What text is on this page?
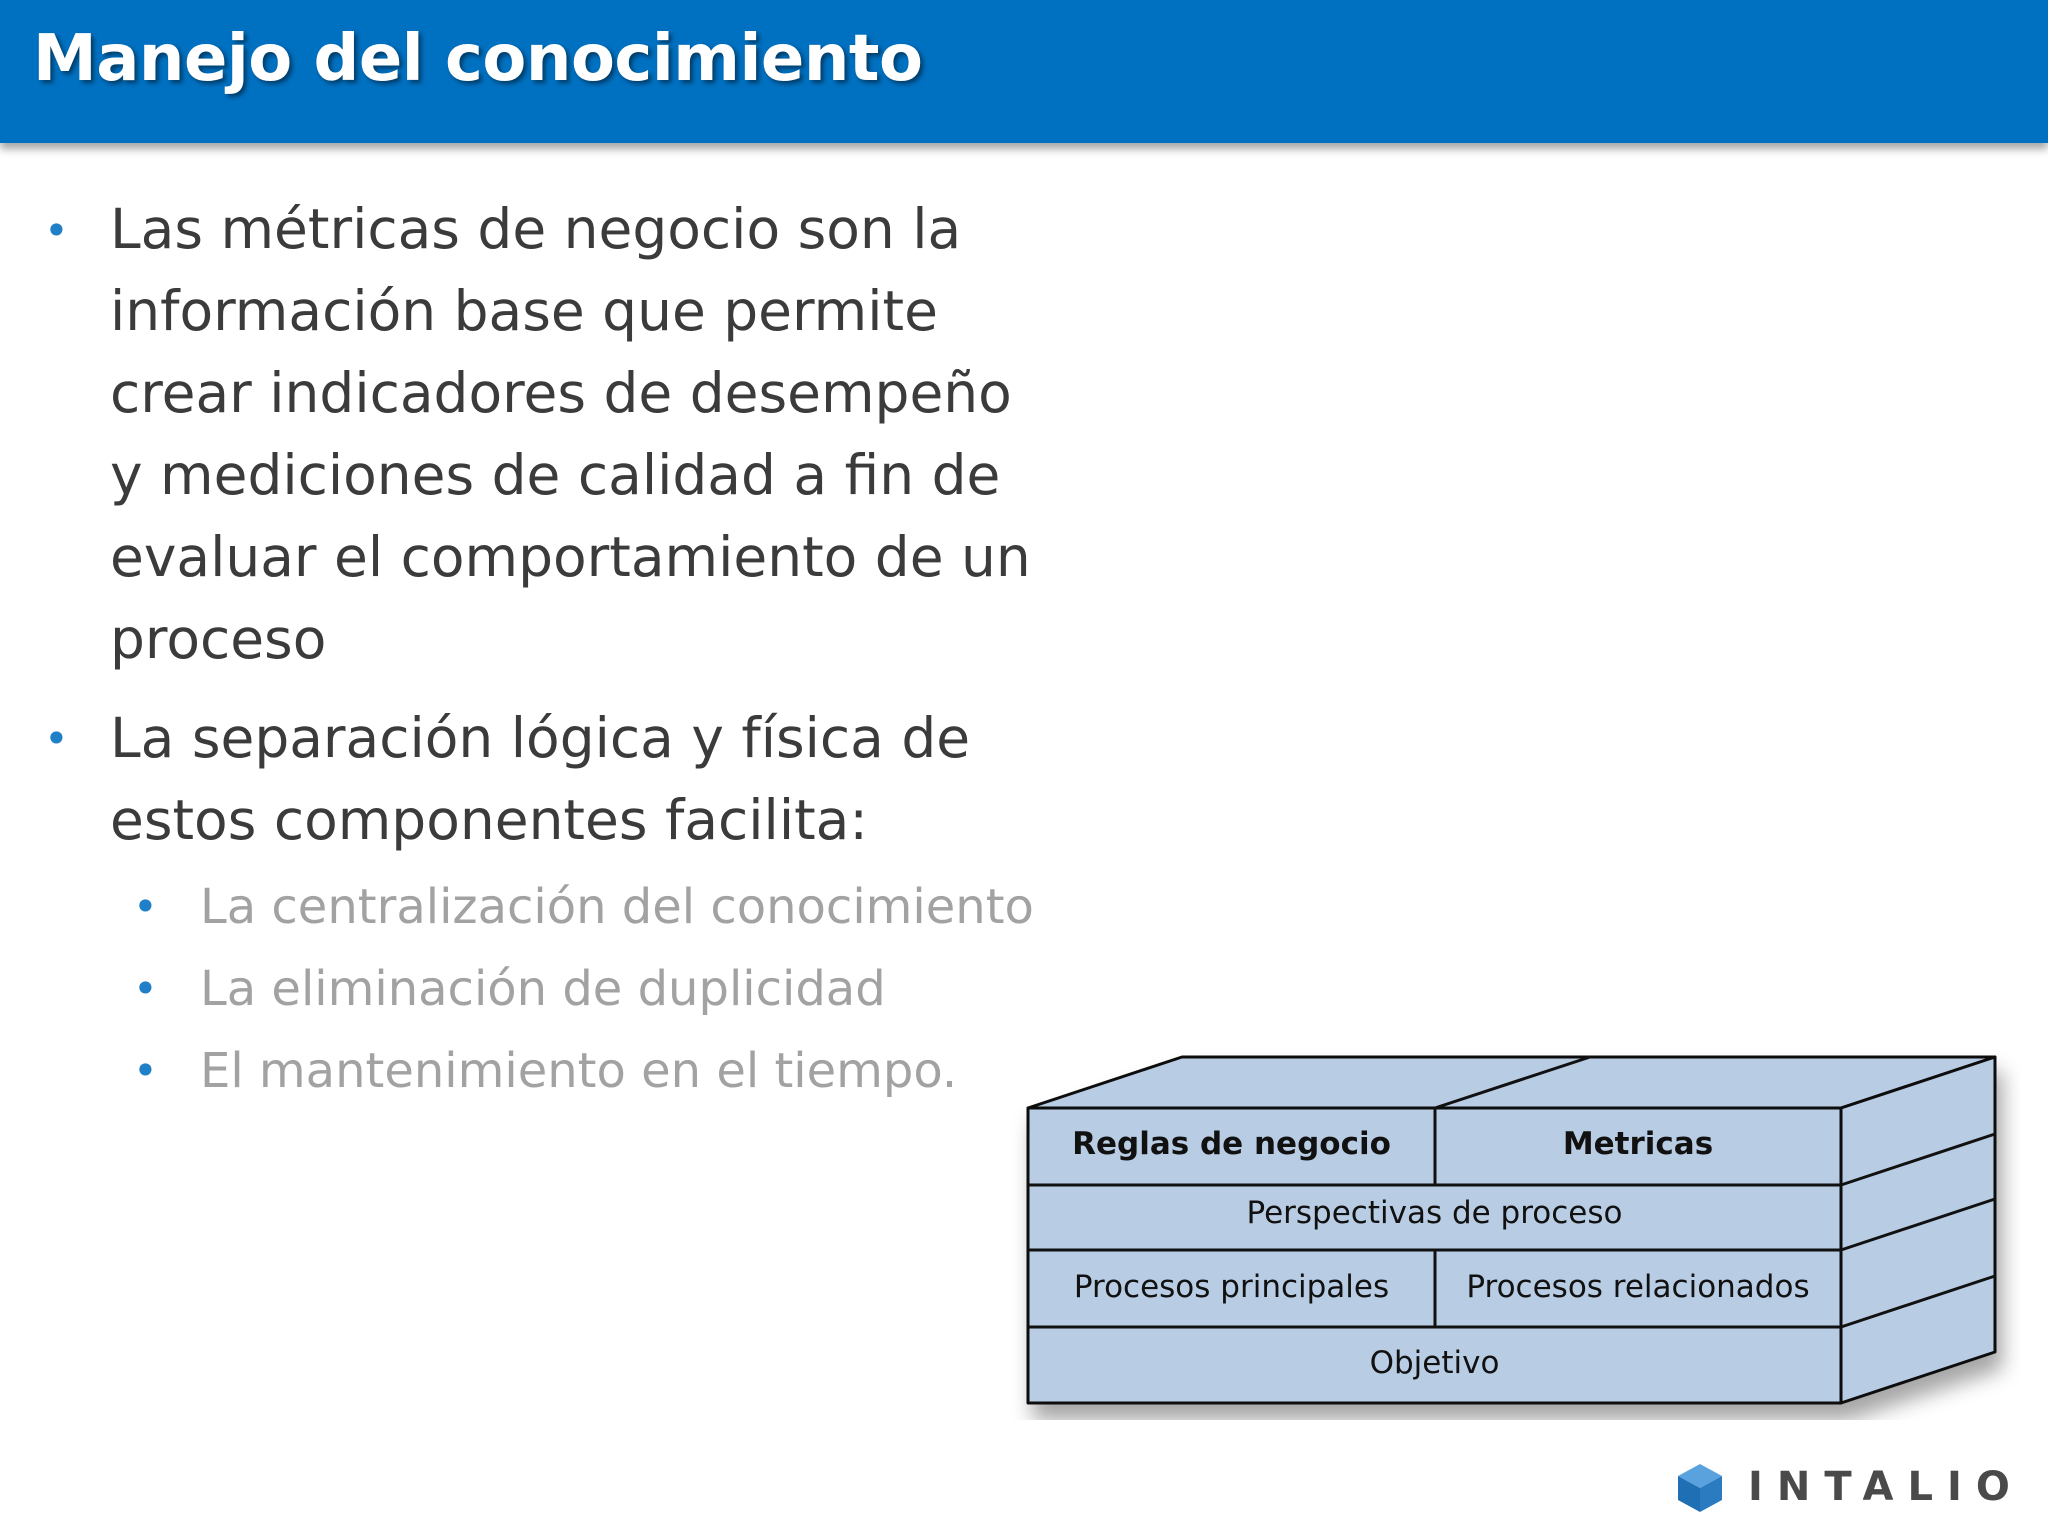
Manejo del conocimiento
• Las métricas de negocio son la información base que permite crear indicadores de desempeño y mediciones de calidad a fin de evaluar el comportamiento de un proceso
• La separación lógica y física de estos componentes facilita:
• La centralización del conocimiento
• La eliminación de duplicidad
• El mantenimiento en el tiempo.
Reglas de negocio	Metricas
Perspectivas de proceso
Procesos principales	Procesos relacionados
Objetivo
INTALIO
